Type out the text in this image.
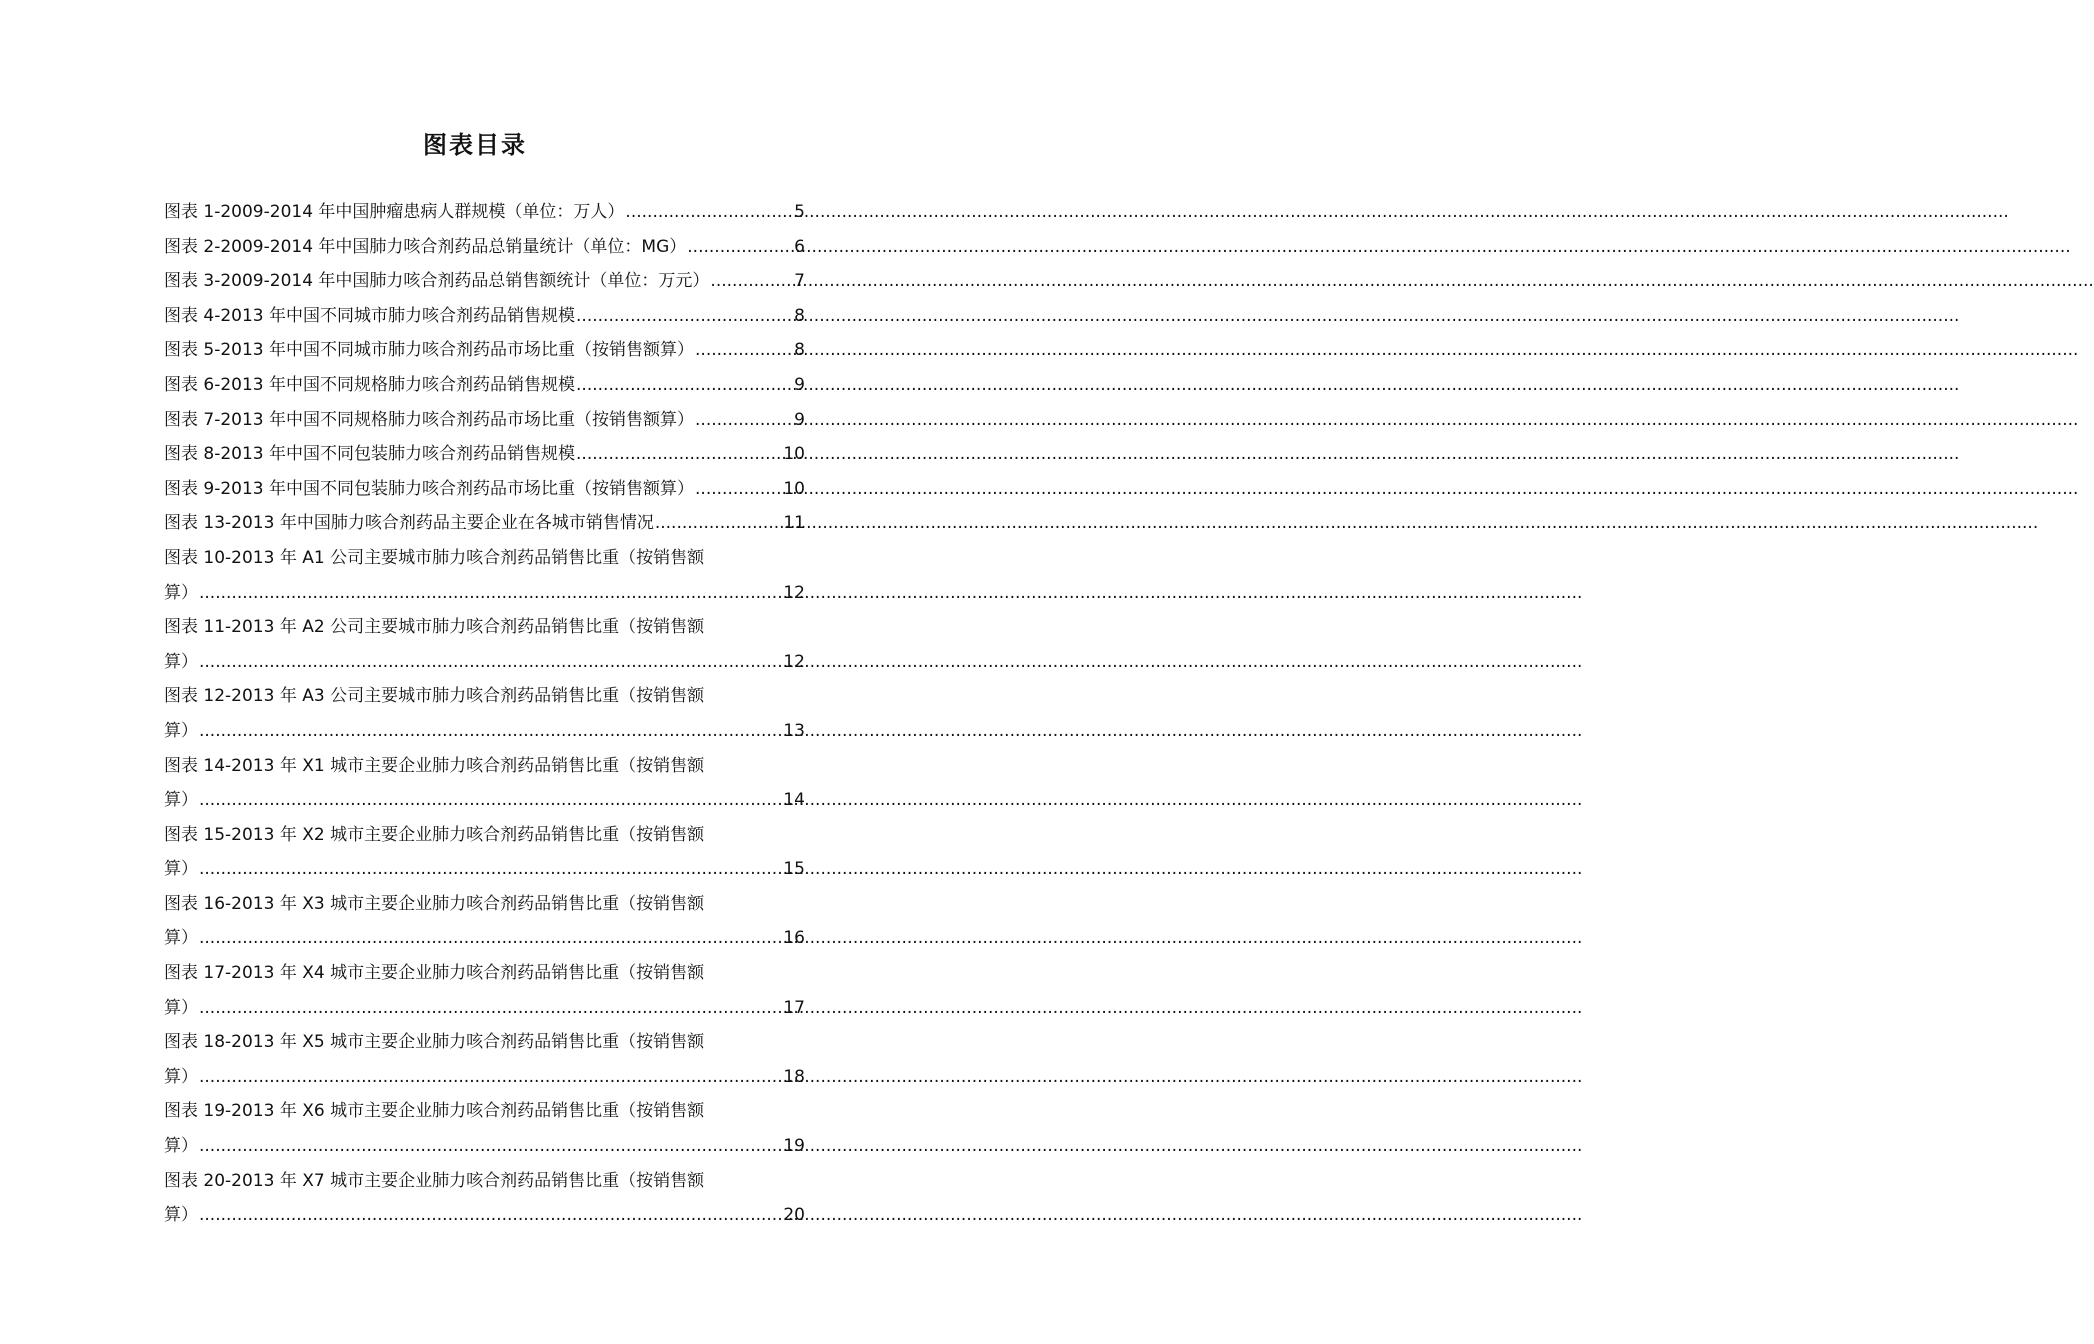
图表目录
图表 1-2009-2014 年中国肿瘤患病人群规模（单位：万人） .....	5
图表 2-2009-2014 年中国肺力咳合剂药品总销量统计（单位：MG） .....	6
图表 3-2009-2014 年中国肺力咳合剂药品总销售额统计（单位：万元） .....	7
图表 4-2013 年中国不同城市肺力咳合剂药品销售规模 .....	8
图表 5-2013 年中国不同城市肺力咳合剂药品市场比重（按销售额算） .....	8
图表 6-2013 年中国不同规格肺力咳合剂药品销售规模 .....	9
图表 7-2013 年中国不同规格肺力咳合剂药品市场比重（按销售额算） .....	9
图表 8-2013 年中国不同包装肺力咳合剂药品销售规模 .....	10
图表 9-2013 年中国不同包装肺力咳合剂药品市场比重（按销售额算） .....	10
图表 13-2013 年中国肺力咳合剂药品主要企业在各城市销售情况 .....	11
图表 10-2013 年 A1 公司主要城市肺力咳合剂药品销售比重（按销售额
算） .....	12
图表 11-2013 年 A2 公司主要城市肺力咳合剂药品销售比重（按销售额
算） .....	12
图表 12-2013 年 A3 公司主要城市肺力咳合剂药品销售比重（按销售额
算） .....	13
图表 14-2013 年 X1 城市主要企业肺力咳合剂药品销售比重（按销售额
算） .....	14
图表 15-2013 年 X2 城市主要企业肺力咳合剂药品销售比重（按销售额
算） .....	15
图表 16-2013 年 X3 城市主要企业肺力咳合剂药品销售比重（按销售额
算） .....	16
图表 17-2013 年 X4 城市主要企业肺力咳合剂药品销售比重（按销售额
算） .....	17
图表 18-2013 年 X5 城市主要企业肺力咳合剂药品销售比重（按销售额
算） .....	18
图表 19-2013 年 X6 城市主要企业肺力咳合剂药品销售比重（按销售额
算） .....	19
图表 20-2013 年 X7 城市主要企业肺力咳合剂药品销售比重（按销售额
算） .....	20
